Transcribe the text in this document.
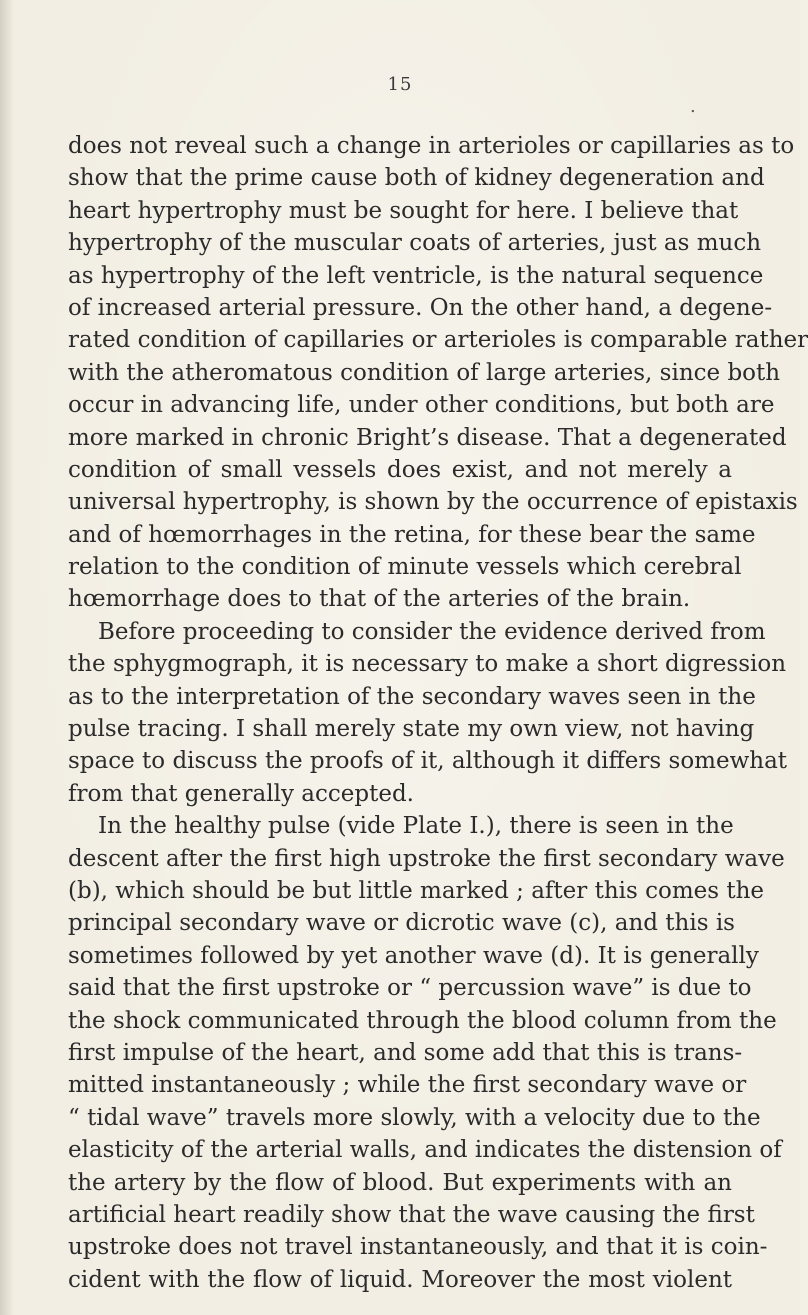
15
.
does not reveal such a change in arterioles or capillaries as to
show that the prime cause both of kidney degeneration and
heart hypertrophy must be sought for here. I believe that
hypertrophy of the muscular coats of arteries, just as much
as hypertrophy of the left ventricle, is the natural sequence
of increased arterial pressure. On the other hand, a degene-
rated condition of capillaries or arterioles is comparable rather
with the atheromatous condition of large arteries, since both
occur in advancing life, under other conditions, but both are
more marked in chronic Bright’s disease. That a degenerated
condition of small vessels does exist, and not merely a
universal hypertrophy, is shown by the occurrence of epistaxis
and of hœmorrhages in the retina, for these bear the same
relation to the condition of minute vessels which cerebral
hœmorrhage does to that of the arteries of the brain.
Before proceeding to consider the evidence derived from
the sphygmograph, it is necessary to make a short digression
as to the interpretation of the secondary waves seen in the
pulse tracing. I shall merely state my own view, not having
space to discuss the proofs of it, although it differs somewhat
from that generally accepted.
In the healthy pulse (vide Plate I.), there is seen in the
descent after the first high upstroke the first secondary wave
(b), which should be but little marked ; after this comes the
principal secondary wave or dicrotic wave (c), and this is
sometimes followed by yet another wave (d). It is generally
said that the first upstroke or “ percussion wave” is due to
the shock communicated through the blood column from the
first impulse of the heart, and some add that this is trans-
mitted instantaneously ; while the first secondary wave or
“ tidal wave” travels more slowly, with a velocity due to the
elasticity of the arterial walls, and indicates the distension of
the artery by the flow of blood. But experiments with an
artificial heart readily show that the wave causing the first
upstroke does not travel instantaneously, and that it is coin-
cident with the flow of liquid. Moreover the most violent
